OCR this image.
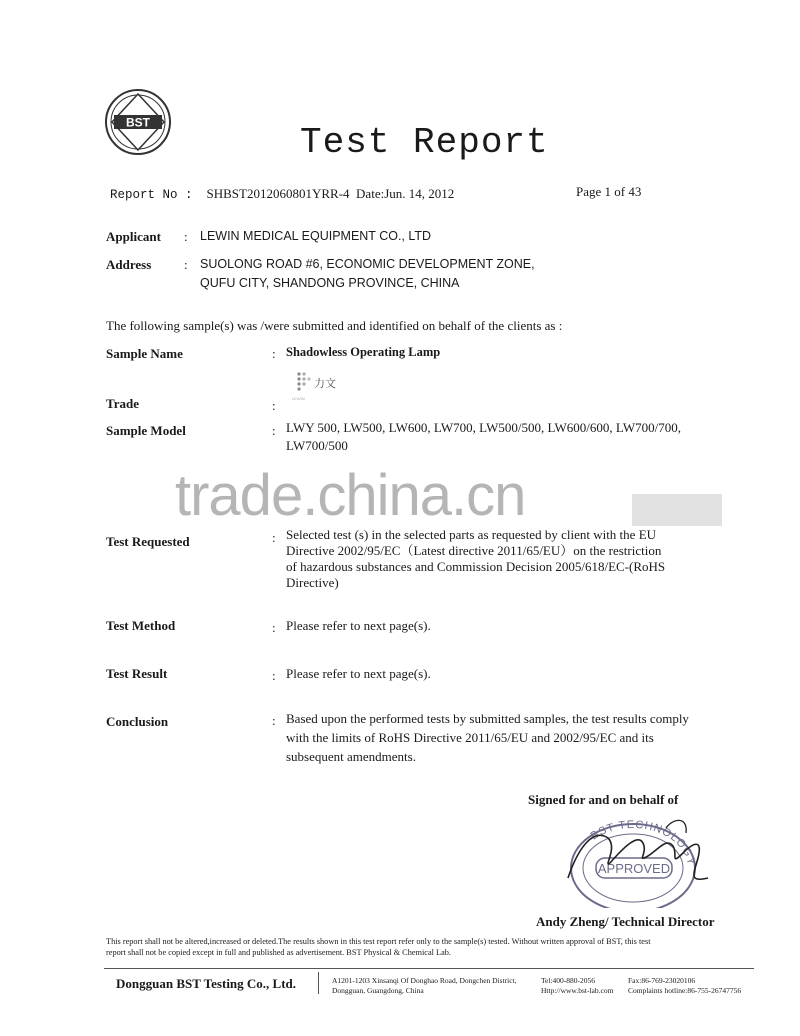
BST	Test Report
Report No : SHBST2012060801YRR-4 Date:Jun. 14, 2012	Page 1 of 43
Applicant : LEWIN MEDICAL EQUIPMENT CO., LTD
Address	: SUOLONG ROAD #6, ECONOMIC DEVELOPMENT ZONE,
QUFU CITY, SHANDONG PROVINCE, CHINA
The following sample(s) was /were submitted and identified on behalf of the clients as :
Sample Name	: Shadowless Operating Lamp
力文
LEWIN
Trade	:
Sample Model	: LWY 500, LW500, LW600, LW700, LW500/500, LW600/600, LW700/700,
LW700/500
trade.china.cn
Test Requested	: Selected test (s) in the selected parts as requested by client with the EU
Directive 2002/95/EC（Latest directive 2011/65/EU）on the restriction
of hazardous substances and Commission Decision 2005/618/EC-(RoHS
Directive)
Test Method	: Please refer to next page(s).
Test Result	: Please refer to next page(s).
Conclusion	: Based upon the performed tests by submitted samples, the test results comply
with the limits of RoHS Directive 2011/65/EU and 2002/95/EC and its
subsequent amendments.
Signed for and on behalf of
BST TECHNOLOGY
APPROVED
Andy Zheng/ Technical Director
This report shall not be altered,increased or deleted.The results shown in this test report refer only to the sample(s) tested. Without written approval of BST, this test
report shall not be copied except in full and published as advertisement. BST Physical & Chemical Lab.
Dongguan BST Testing Co., Ltd.	A1201-1203 Xinsanqi Of Donghao Road, Dongchen District,
Dongguan, Guangdong, China
Tel:400-880-2056
Http://www.bst-lab.com
Fax:86-769-23020106
Complaints hotline:86-755-26747756
